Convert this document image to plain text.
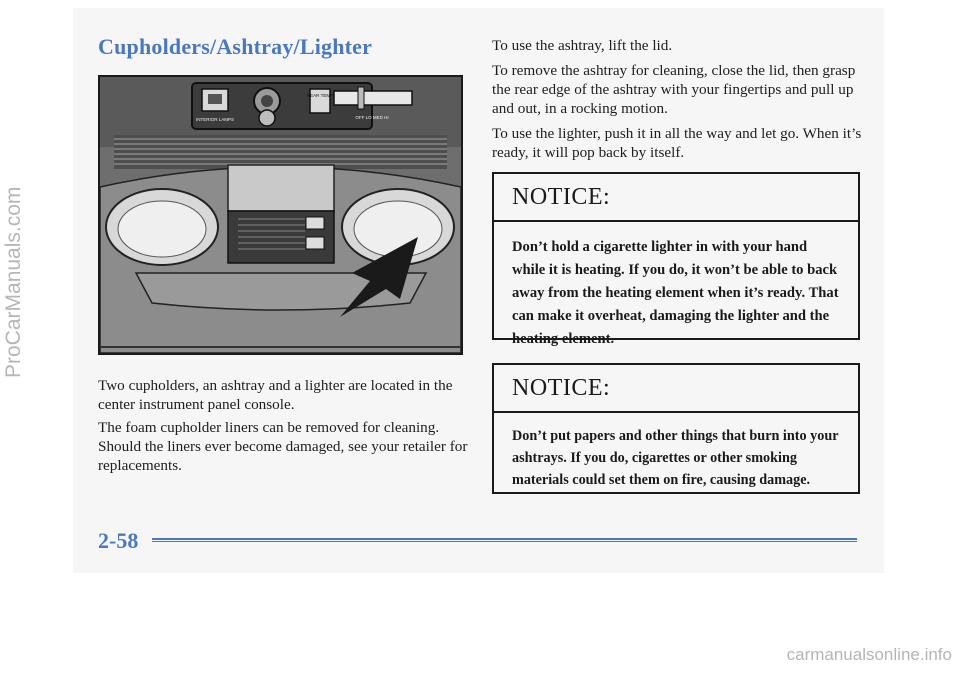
Cupholders/Ashtray/Lighter
INTERIOR LAMPS
REAR TEMP
OFF LO MED HI

Two cupholders, an ashtray and a lighter are located in the center instrument panel console.

The foam cupholder liners can be removed for cleaning. Should the liners ever become damaged, see your retailer for replacements.

To use the ashtray, lift the lid.

To remove the ashtray for cleaning, close the lid, then grasp the rear edge of the ashtray with your fingertips and pull up and out, in a rocking motion.

To use the lighter, push it in all the way and let go. When it’s ready, it will pop back by itself.

NOTICE:
Don’t hold a cigarette lighter in with your hand while it is heating. If you do, it won’t be able to back away from the heating element when it’s ready. That can make it overheat, damaging the lighter and the heating element.
NOTICE:
Don’t put papers and other things that burn into your ashtrays. If you do, cigarettes or other smoking materials could set them on fire, causing damage.
2-58
ProCarManuals.com
carmanualsonline.info
